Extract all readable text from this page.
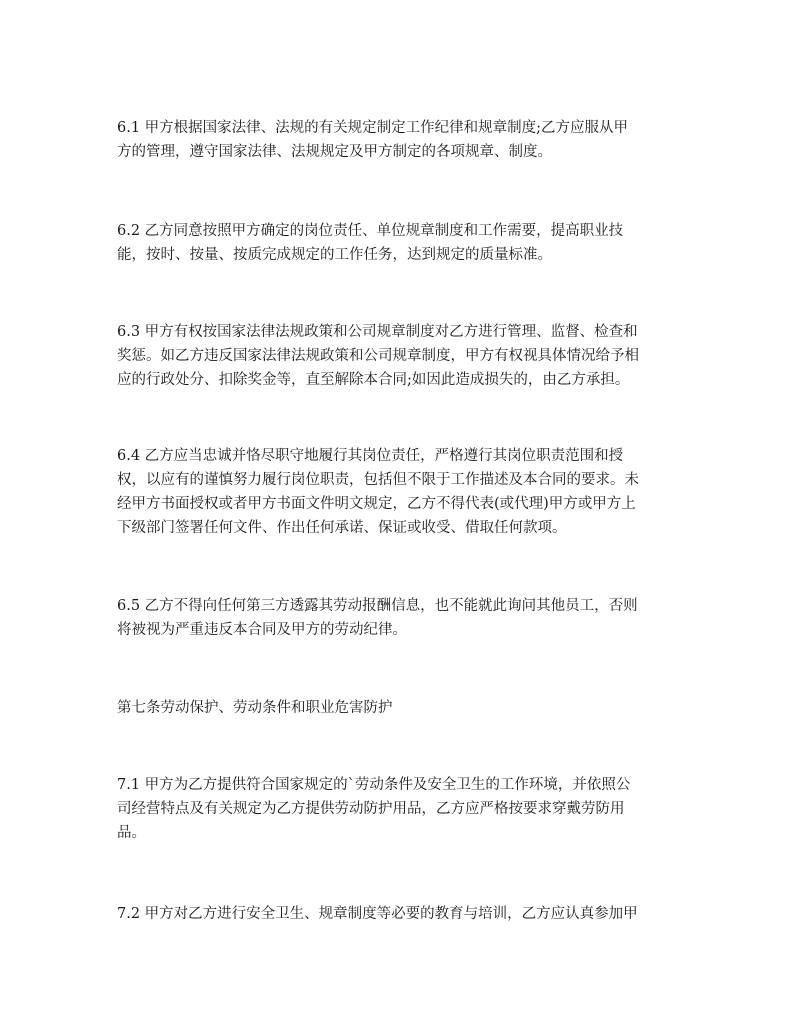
6.1 甲方根据国家法律、法规的有关规定制定工作纪律和规章制度;乙方应服从甲
方的管理，遵守国家法律、法规规定及甲方制定的各项规章、制度。
6.2 乙方同意按照甲方确定的岗位责任、单位规章制度和工作需要，提高职业技
能，按时、按量、按质完成规定的工作任务，达到规定的质量标准。
6.3 甲方有权按国家法律法规政策和公司规章制度对乙方进行管理、监督、检查和
奖惩。如乙方违反国家法律法规政策和公司规章制度，甲方有权视具体情况给予相
应的行政处分、扣除奖金等，直至解除本合同;如因此造成损失的，由乙方承担。
6.4 乙方应当忠诚并恪尽职守地履行其岗位责任，严格遵行其岗位职责范围和授
权，以应有的谨慎努力履行岗位职责，包括但不限于工作描述及本合同的要求。未
经甲方书面授权或者甲方书面文件明文规定，乙方不得代表(或代理)甲方或甲方上
下级部门签署任何文件、作出任何承诺、保证或收受、借取任何款项。
6.5 乙方不得向任何第三方透露其劳动报酬信息，也不能就此询问其他员工，否则
将被视为严重违反本合同及甲方的劳动纪律。
第七条劳动保护、劳动条件和职业危害防护
7.1 甲方为乙方提供符合国家规定的`劳动条件及安全卫生的工作环境，并依照公
司经营特点及有关规定为乙方提供劳动防护用品，乙方应严格按要求穿戴劳防用
品。
7.2 甲方对乙方进行安全卫生、规章制度等必要的教育与培训，乙方应认真参加甲
